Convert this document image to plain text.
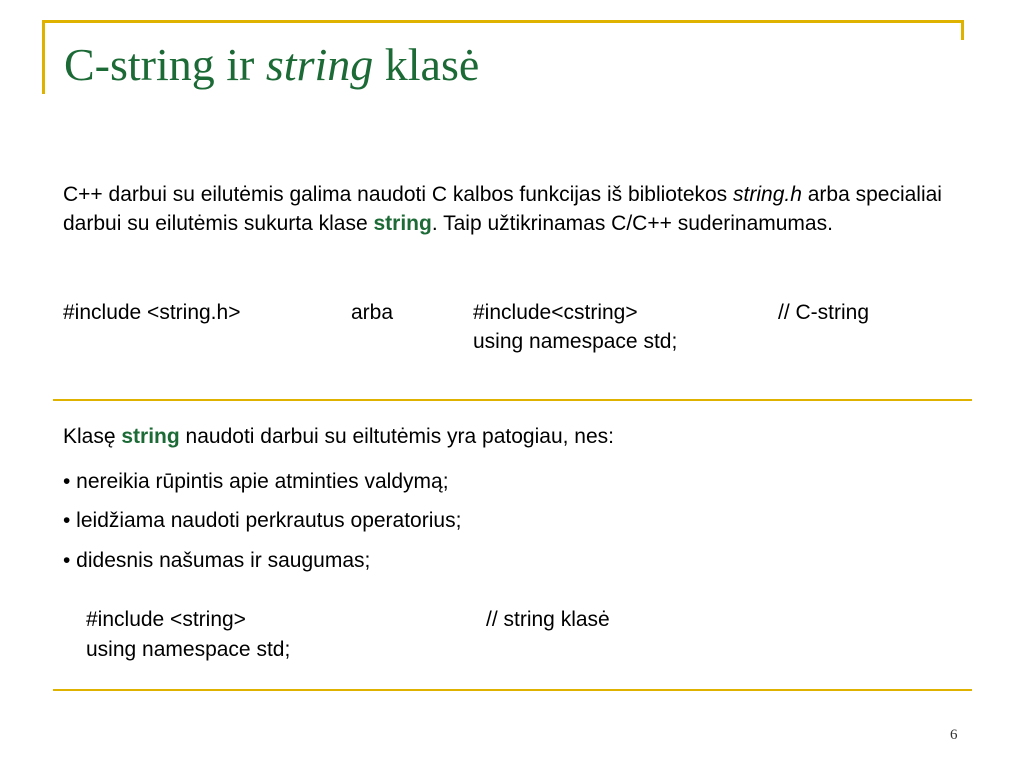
C-string ir string klasė
C++ darbui su eilutėmis galima naudoti C kalbos funkcijas iš bibliotekos string.h arba specialiai darbui su eilutėmis sukurta klase string. Taip užtikrinamas C/C++ suderinamumas.
#include <string.h>	arba	#include<cstring>
using namespace std;
// C-string
Klasę string naudoti darbui su eiltutėmis yra patogiau, nes:
• nereikia rūpintis apie atminties valdymą;
• leidžiama naudoti perkrautus operatorius;
• didesnis našumas ir saugumas;
#include <string>	// string klasė
using namespace std;
6
